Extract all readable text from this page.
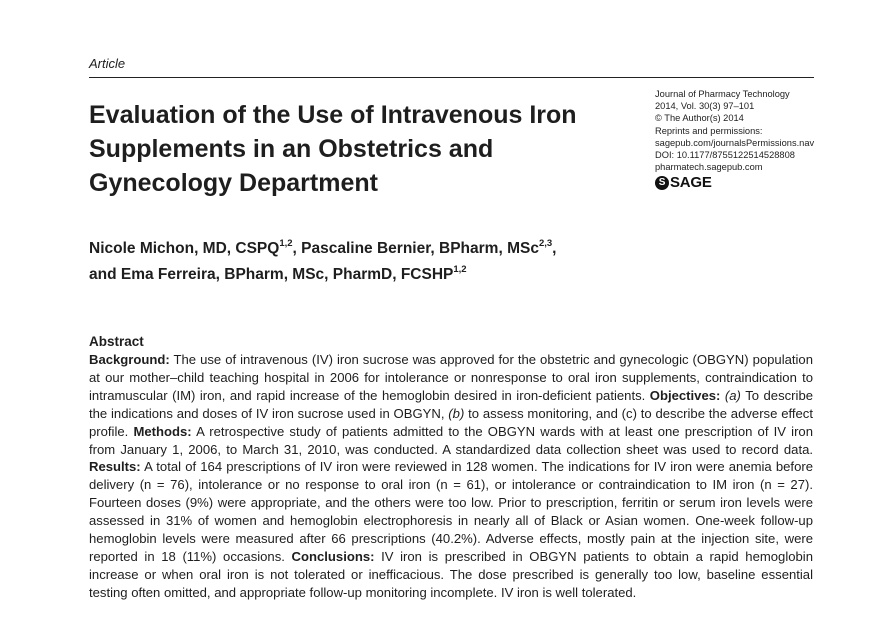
Article
Evaluation of the Use of Intravenous Iron Supplements in an Obstetrics and Gynecology Department
Journal of Pharmacy Technology
2014, Vol. 30(3) 97–101
© The Author(s) 2014
Reprints and permissions:
sagepub.com/journalsPermissions.nav
DOI: 10.1177/8755122514528808
pharmatech.sagepub.com
S SAGE
Nicole Michon, MD, CSPQ$^{1,2}$, Pascaline Bernier, BPharm, MSc$^{2,3}$,
and Ema Ferreira, BPharm, MSc, PharmD, FCSHP$^{1,2}$
Abstract
Background: The use of intravenous (IV) iron sucrose was approved for the obstetric and gynecologic (OBGYN) population at our mother–child teaching hospital in 2006 for intolerance or nonresponse to oral iron supplements, contraindication to intramuscular (IM) iron, and rapid increase of the hemoglobin desired in iron-deficient patients. Objectives: (a) To describe the indications and doses of IV iron sucrose used in OBGYN, (b) to assess monitoring, and (c) to describe the adverse effect profile. Methods: A retrospective study of patients admitted to the OBGYN wards with at least one prescription of IV iron from January 1, 2006, to March 31, 2010, was conducted. A standardized data collection sheet was used to record data. Results: A total of 164 prescriptions of IV iron were reviewed in 128 women. The indications for IV iron were anemia before delivery (n = 76), intolerance or no response to oral iron (n = 61), or intolerance or contraindication to IM iron (n = 27). Fourteen doses (9%) were appropriate, and the others were too low. Prior to prescription, ferritin or serum iron levels were assessed in 31% of women and hemoglobin electrophoresis in nearly all of Black or Asian women. One-week follow-up hemoglobin levels were measured after 66 prescriptions (40.2%). Adverse effects, mostly pain at the injection site, were reported in 18 (11%) occasions. Conclusions: IV iron is prescribed in OBGYN patients to obtain a rapid hemoglobin increase or when oral iron is not tolerated or inefficacious. The dose prescribed is generally too low, baseline essential testing often omitted, and appropriate follow-up monitoring incomplete. IV iron is well tolerated.
